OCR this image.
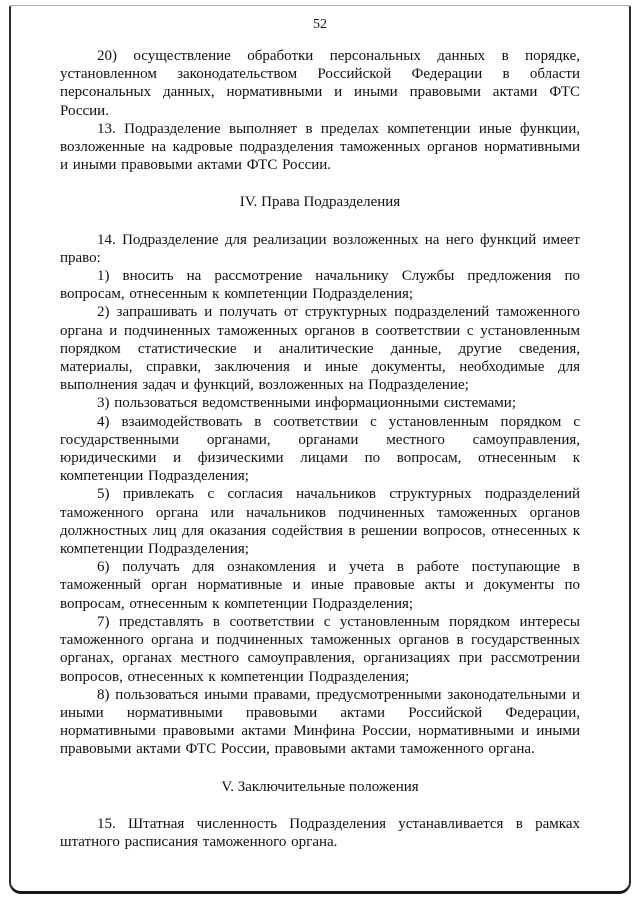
52

20) осуществление обработки персональных данных в порядке, установленном законодательством Российской Федерации в области персональных данных, нормативными и иными правовыми актами ФТС России.

13. Подразделение выполняет в пределах компетенции иные функции, возложенные на кадровые подразделения таможенных органов нормативными и иными правовыми актами ФТС России.

IV. Права Подразделения

14. Подразделение для реализации возложенных на него функций имеет право:

1) вносить на рассмотрение начальнику Службы предложения по вопросам, отнесенным к компетенции Подразделения;

2) запрашивать и получать от структурных подразделений таможенного органа и подчиненных таможенных органов в соответствии с установленным порядком статистические и аналитические данные, другие сведения, материалы, справки, заключения и иные документы, необходимые для выполнения задач и функций, возложенных на Подразделение;

3) пользоваться ведомственными информационными системами;

4) взаимодействовать в соответствии с установленным порядком с государственными органами, органами местного самоуправления, юридическими и физическими лицами по вопросам, отнесенным к компетенции Подразделения;

5) привлекать с согласия начальников структурных подразделений таможенного органа или начальников подчиненных таможенных органов должностных лиц для оказания содействия в решении вопросов, отнесенных к компетенции Подразделения;

6) получать для ознакомления и учета в работе поступающие в таможенный орган нормативные и иные правовые акты и документы по вопросам, отнесенным к компетенции Подразделения;

7) представлять в соответствии с установленным порядком интересы таможенного органа и подчиненных таможенных органов в государственных органах, органах местного самоуправления, организациях при рассмотрении вопросов, отнесенных к компетенции Подразделения;

8) пользоваться иными правами, предусмотренными законодательными и иными нормативными правовыми актами Российской Федерации, нормативными правовыми актами Минфина России, нормативными и иными правовыми актами ФТС России, правовыми актами таможенного органа.

V. Заключительные положения

15. Штатная численность Подразделения устанавливается в рамках штатного расписания таможенного органа.
